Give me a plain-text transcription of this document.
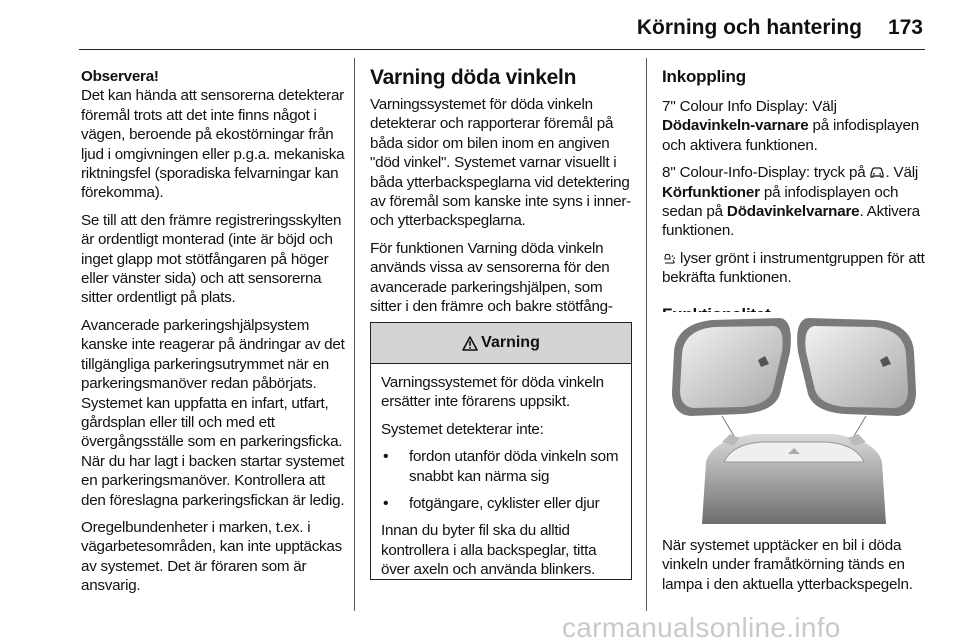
Körning och hantering	173
Observera!

Det kan hända att sensorerna detekterar föremål trots att det inte finns något i vägen, beroende på ekostörningar från ljud i omgivningen eller p.g.a. mekaniska riktningsfel (sporadiska felvarningar kan förekomma).

Se till att den främre registreringsskylten är ordentligt monterad (inte är böjd och inget glapp mot stötfångaren på höger eller vänster sida) och att sensorerna sitter ordentligt på plats.

Avancerade parkeringshjälpsystem kanske inte reagerar på ändringar av det tillgängliga parkeringsutrymmet när en parkeringsmanöver redan påbörjats. Systemet kan uppfatta en infart, utfart, gårdsplan eller till och med ett övergångsställe som en parkeringsficka. När du har lagt i backen startar systemet en parkeringsmanöver. Kontrollera att den föreslagna parkeringsfickan är ledig.

Oregelbundenheter i marken, t.ex. i vägarbetesområden, kan inte upptäckas av systemet. Det är föraren som är ansvarig.

Varning döda vinkeln

Varningssystemet för döda vinkeln detekterar och rapporterar föremål på båda sidor om bilen inom en angiven "död vinkel". Systemet varnar visuellt i båda ytterbackspeglarna vid detektering av föremål som kanske inte syns i inner- och ytterbackspeglarna.

För funktionen Varning döda vinkeln används vissa av sensorerna för den avancerade parkeringshjälpen, som sitter i den främre och bakre stötfång

Varning

Varningssystemet för döda vinkeln ersätter inte förarens uppsikt.

Systemet detekterar inte:

• fordon utanför döda vinkeln som snabbt kan närma sig
• fotgängare, cyklister eller djur

Innan du byter fil ska du alltid kontrollera i alla backspeglar, titta över axeln och använda blinkers.

Inkoppling

7'' Colour Info Display: Välj Dödavinkeln-varnare på infodisplayen och aktivera funktionen.

8'' Colour-Info-Display: tryck på . Välj Körfunktioner på infodisplayen och sedan på Dödavinkelvarnare. Aktivera funktionen.

lyser grönt i instrumentgruppen för att bekräfta funktionen.

När systemet upptäcker en bil i döda vinkeln under framåtkörning tänds en lampa i den aktuella ytterbackspegeln.

carmanualsonline.info
